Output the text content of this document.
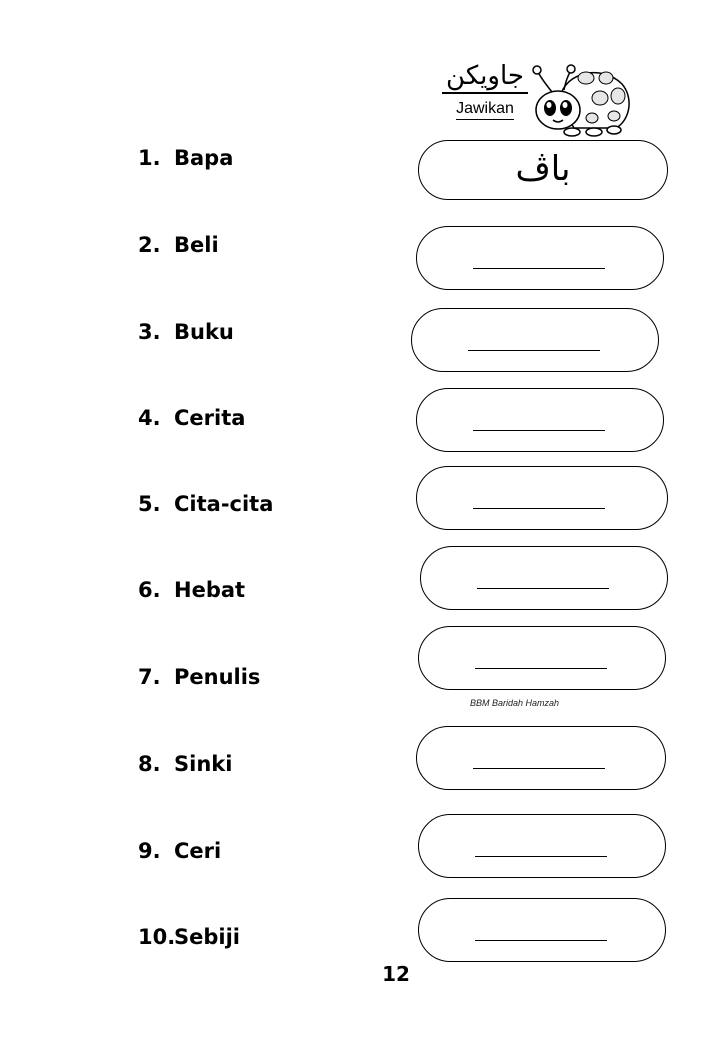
جاويكن
Jawikan
1. Bapa
2. Beli
3. Buku
4. Cerita
5. Cita-cita
6. Hebat
7. Penulis
8. Sinki
9. Ceri
10.Sebiji
باڤ
BBM Baridah Hamzah
12
